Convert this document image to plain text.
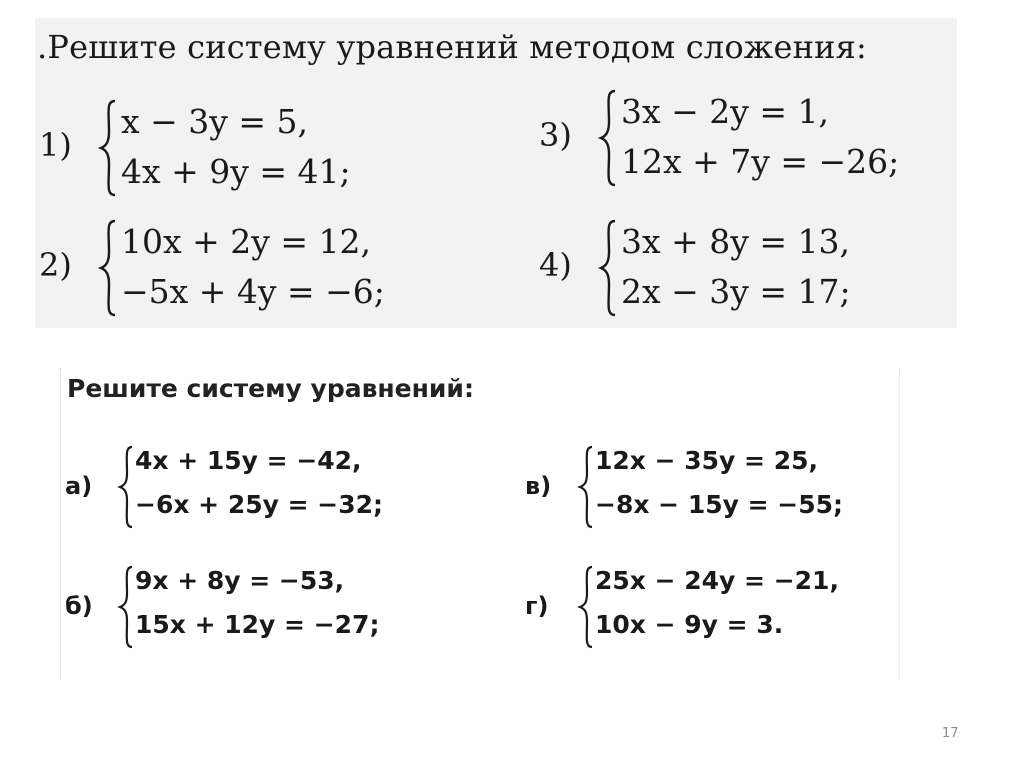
.Решите систему уравнений методом сложения:
1)
x − 3y = 5,
4x + 9y = 41;
2)
10x + 2y = 12,
−5x + 4y = −6;
3)
3x − 2y = 1,
12x + 7y = −26;
4)
3x + 8y = 13,
2x − 3y = 17;
Решите систему уравнений:
а)
4x + 15y = −42,
−6x + 25y = −32;
б)
9x + 8y = −53,
15x + 12y = −27;
в)
12x − 35y = 25,
−8x − 15y = −55;
г)
25x − 24y = −21,
10x − 9y = 3.
17
